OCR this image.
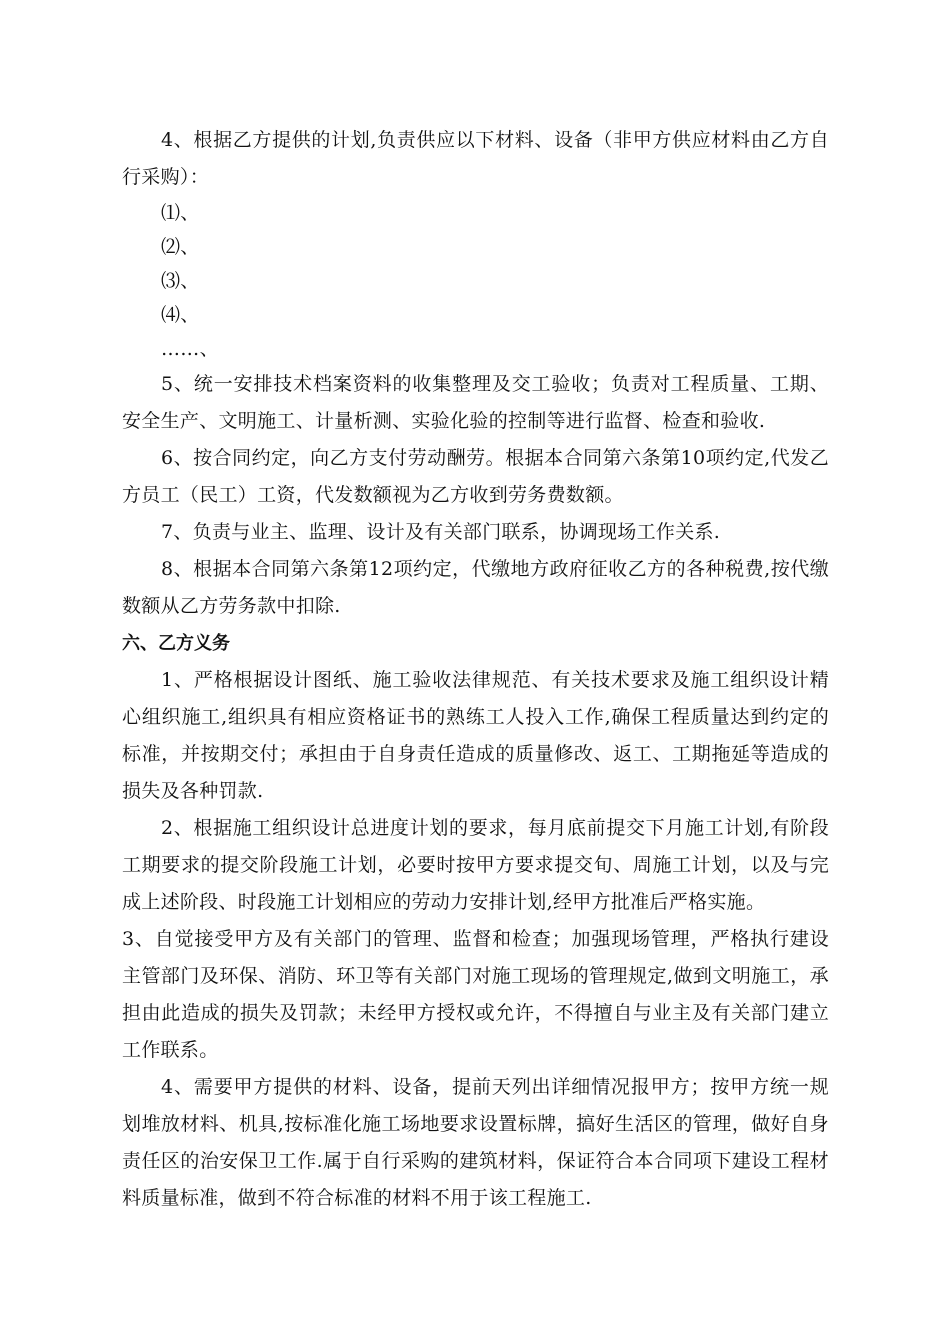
4、根据乙方提供的计划,负责供应以下材料、设备（非甲方供应材料由乙方自行采购）：

⑴、

⑵、

⑶、

⑷、

……、

5、统一安排技术档案资料的收集整理及交工验收；负责对工程质量、工期、安全生产、文明施工、计量析测、实验化验的控制等进行监督、检查和验收.

6、按合同约定，向乙方支付劳动酬劳。根据本合同第六条第10项约定,代发乙方员工（民工）工资，代发数额视为乙方收到劳务费数额。

7、负责与业主、监理、设计及有关部门联系，协调现场工作关系.

8、根据本合同第六条第12项约定，代缴地方政府征收乙方的各种税费,按代缴数额从乙方劳务款中扣除.

六、乙方义务

1、严格根据设计图纸、施工验收法律规范、有关技术要求及施工组织设计精心组织施工,组织具有相应资格证书的熟练工人投入工作,确保工程质量达到约定的标准，并按期交付；承担由于自身责任造成的质量修改、返工、工期拖延等造成的损失及各种罚款.

2、根据施工组织设计总进度计划的要求，每月底前提交下月施工计划,有阶段工期要求的提交阶段施工计划，必要时按甲方要求提交旬、周施工计划，以及与完成上述阶段、时段施工计划相应的劳动力安排计划,经甲方批准后严格实施。

3、自觉接受甲方及有关部门的管理、监督和检查；加强现场管理，严格执行建设主管部门及环保、消防、环卫等有关部门对施工现场的管理规定,做到文明施工，承担由此造成的损失及罚款；未经甲方授权或允许，不得擅自与业主及有关部门建立工作联系。

4、需要甲方提供的材料、设备，提前天列出详细情况报甲方；按甲方统一规划堆放材料、机具,按标准化施工场地要求设置标牌，搞好生活区的管理，做好自身责任区的治安保卫工作.属于自行采购的建筑材料，保证符合本合同项下建设工程材料质量标准，做到不符合标准的材料不用于该工程施工.
